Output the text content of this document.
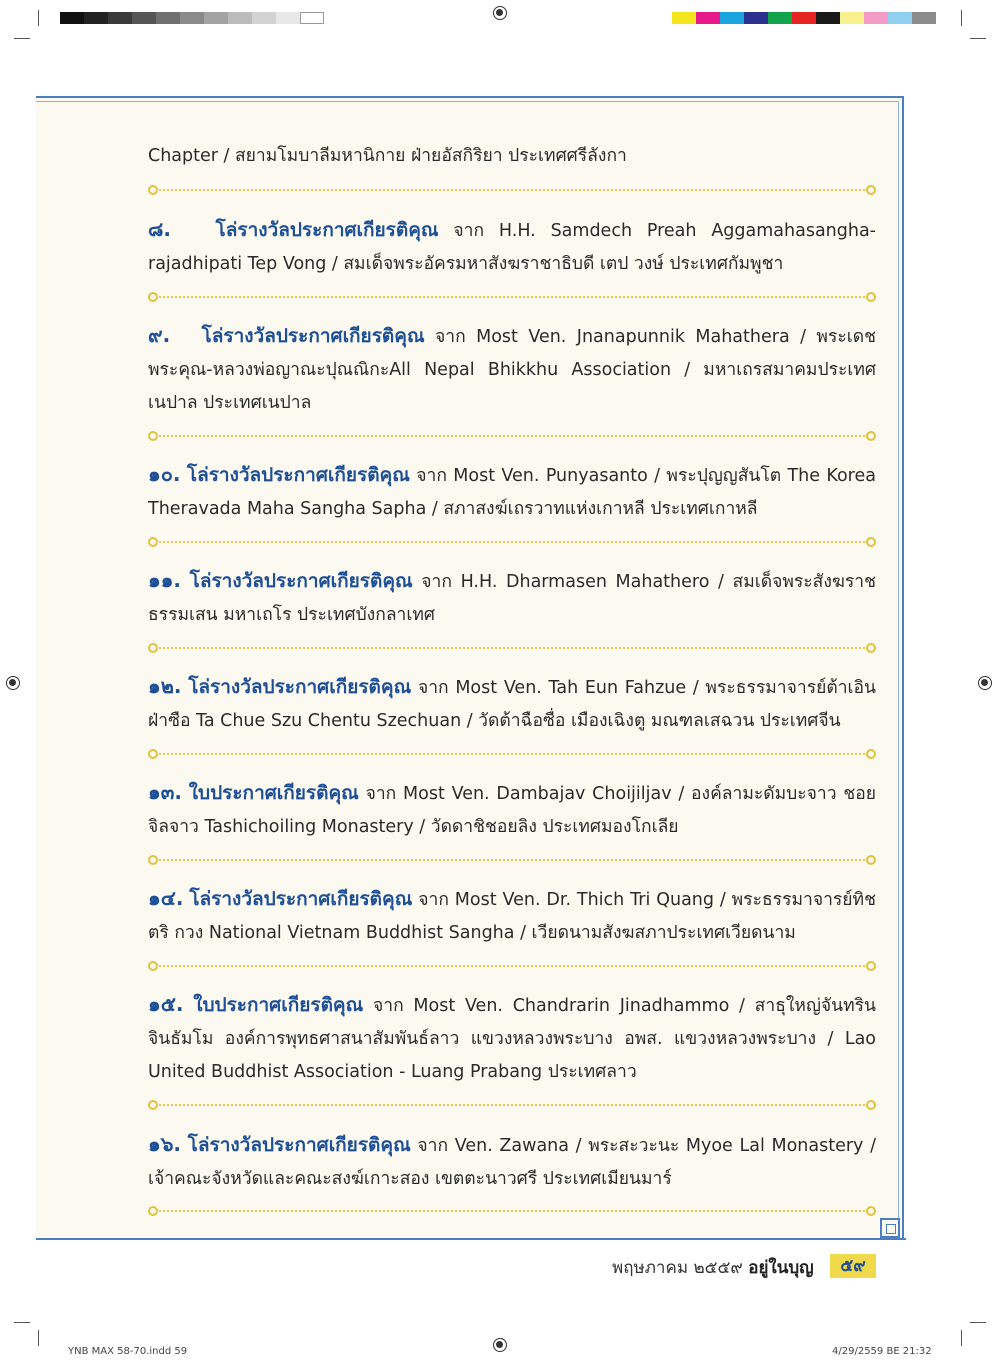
Chapter / สยามโมบาลีมหานิกาย ฝ่ายอัสกิริยา ประเทศศรีลังกา
๘. โล่รางวัลประกาศเกียรติคุณ จาก H.H. Samdech Preah Aggamahasangha-rajadhipati Tep Vong / สมเด็จพระอัครมหาสังฆราชาธิบดี เตป วงษ์ ประเทศกัมพูชา
๙. โล่รางวัลประกาศเกียรติคุณ จาก Most Ven. Jnanapunnik Mahathera / พระเดชพระคุณ-หลวงพ่อญาณะปุณณิกะAll Nepal Bhikkhu Association / มหาเถรสมาคมประเทศเนปาล ประเทศเนปาล
๑๐. โล่รางวัลประกาศเกียรติคุณ จาก Most Ven. Punyasanto / พระปุญญสันโต The Korea Theravada Maha Sangha Sapha / สภาสงฆ์เถรวาทแห่งเกาหลี ประเทศเกาหลี
๑๑. โล่รางวัลประกาศเกียรติคุณ จาก H.H. Dharmasen Mahathero / สมเด็จพระสังฆราช ธรรมเสน มหาเถโร ประเทศบังกลาเทศ
๑๒. โล่รางวัลประกาศเกียรติคุณ จาก Most Ven. Tah Eun Fahzue / พระธรรมาจารย์ต้าเอินฝ่าซือ Ta Chue Szu Chentu Szechuan / วัดต้าฉือซื่อ เมืองเฉิงตู มณฑลเสฉวน ประเทศจีน
๑๓. ใบประกาศเกียรติคุณ จาก Most Ven. Dambajav Choijiljav / องค์ลามะดัมบะจาว ชอยจิลจาว Tashichoiling Monastery / วัดดาชิชอยลิง ประเทศมองโกเลีย
๑๔. โล่รางวัลประกาศเกียรติคุณ จาก Most Ven. Dr. Thich Tri Quang / พระธรรมาจารย์ทิช ตริ กวง National Vietnam Buddhist Sangha / เวียดนามสังฆสภาประเทศเวียดนาม
๑๕. ใบประกาศเกียรติคุณ จาก Most Ven. Chandrarin Jinadhammo / สาธุใหญ่จันทริน จินธัมโม องค์การพุทธศาสนาสัมพันธ์ลาว แขวงหลวงพระบาง อพส. แขวงหลวงพระบาง / Lao United Buddhist Association - Luang Prabang ประเทศลาว
๑๖. โล่รางวัลประกาศเกียรติคุณ จาก Ven. Zawana / พระสะวะนะ Myoe Lal Monastery / เจ้าคณะจังหวัดและคณะสงฆ์เกาะสอง เขตตะนาวศรี ประเทศเมียนมาร์
พฤษภาคม ๒๕๕๙ อยู่ในบุญ	๕๙
YNB MAX 58-70.indd 59	4/29/2559 BE 21:32
